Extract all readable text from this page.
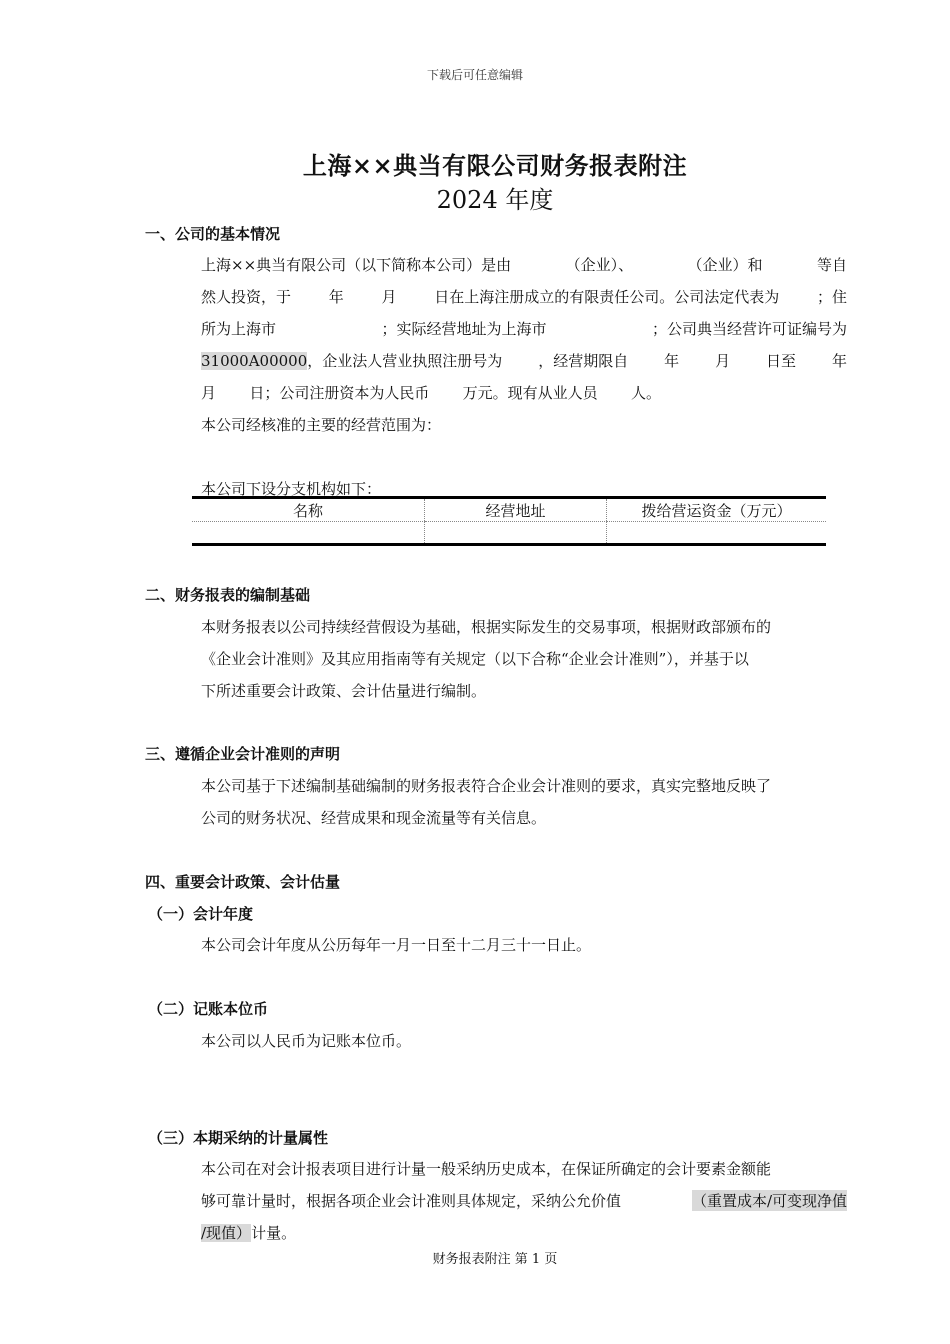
下载后可任意编辑
上海××典当有限公司财务报表附注
2024 年度
一、公司的基本情况
上海××典当有限公司（以下简称本公司）是由	（企业）、	（企业）和	等自
然人投资，于	年	月	日在上海注册成立的有限责任公司。公司法定代表为	；住
所为上海市	；实际经营地址为上海市	；公司典当经营许可证编号为
31000A00000，企业法人营业执照注册号为 ，经营期限自 年 月 日至 年
月 日；公司注册资本为人民币 万元。现有从业人员 人。
本公司经核准的主要的经营范围为：
本公司下设分支机构如下：
名称	经营地址	拨给营运资金（万元）

二、财务报表的编制基础
本财务报表以公司持续经营假设为基础，根据实际发生的交易事项，根据财政部颁布的
《企业会计准则》及其应用指南等有关规定（以下合称“企业会计准则”），并基于以
下所述重要会计政策、会计估量进行编制。
三、遵循企业会计准则的声明
本公司基于下述编制基础编制的财务报表符合企业会计准则的要求，真实完整地反映了
公司的财务状况、经营成果和现金流量等有关信息。
四、重要会计政策、会计估量
（一）会计年度
本公司会计年度从公历每年一月一日至十二月三十一日止。
（二）记账本位币
本公司以人民币为记账本位币。
（三）本期采纳的计量属性
本公司在对会计报表项目进行计量一般采纳历史成本，在保证所确定的会计要素金额能
够可靠计量时，根据各项企业会计准则具体规定，采纳公允价值	（重置成本/可变现净值
/现值）计量。
财务报表附注 第 1 页
